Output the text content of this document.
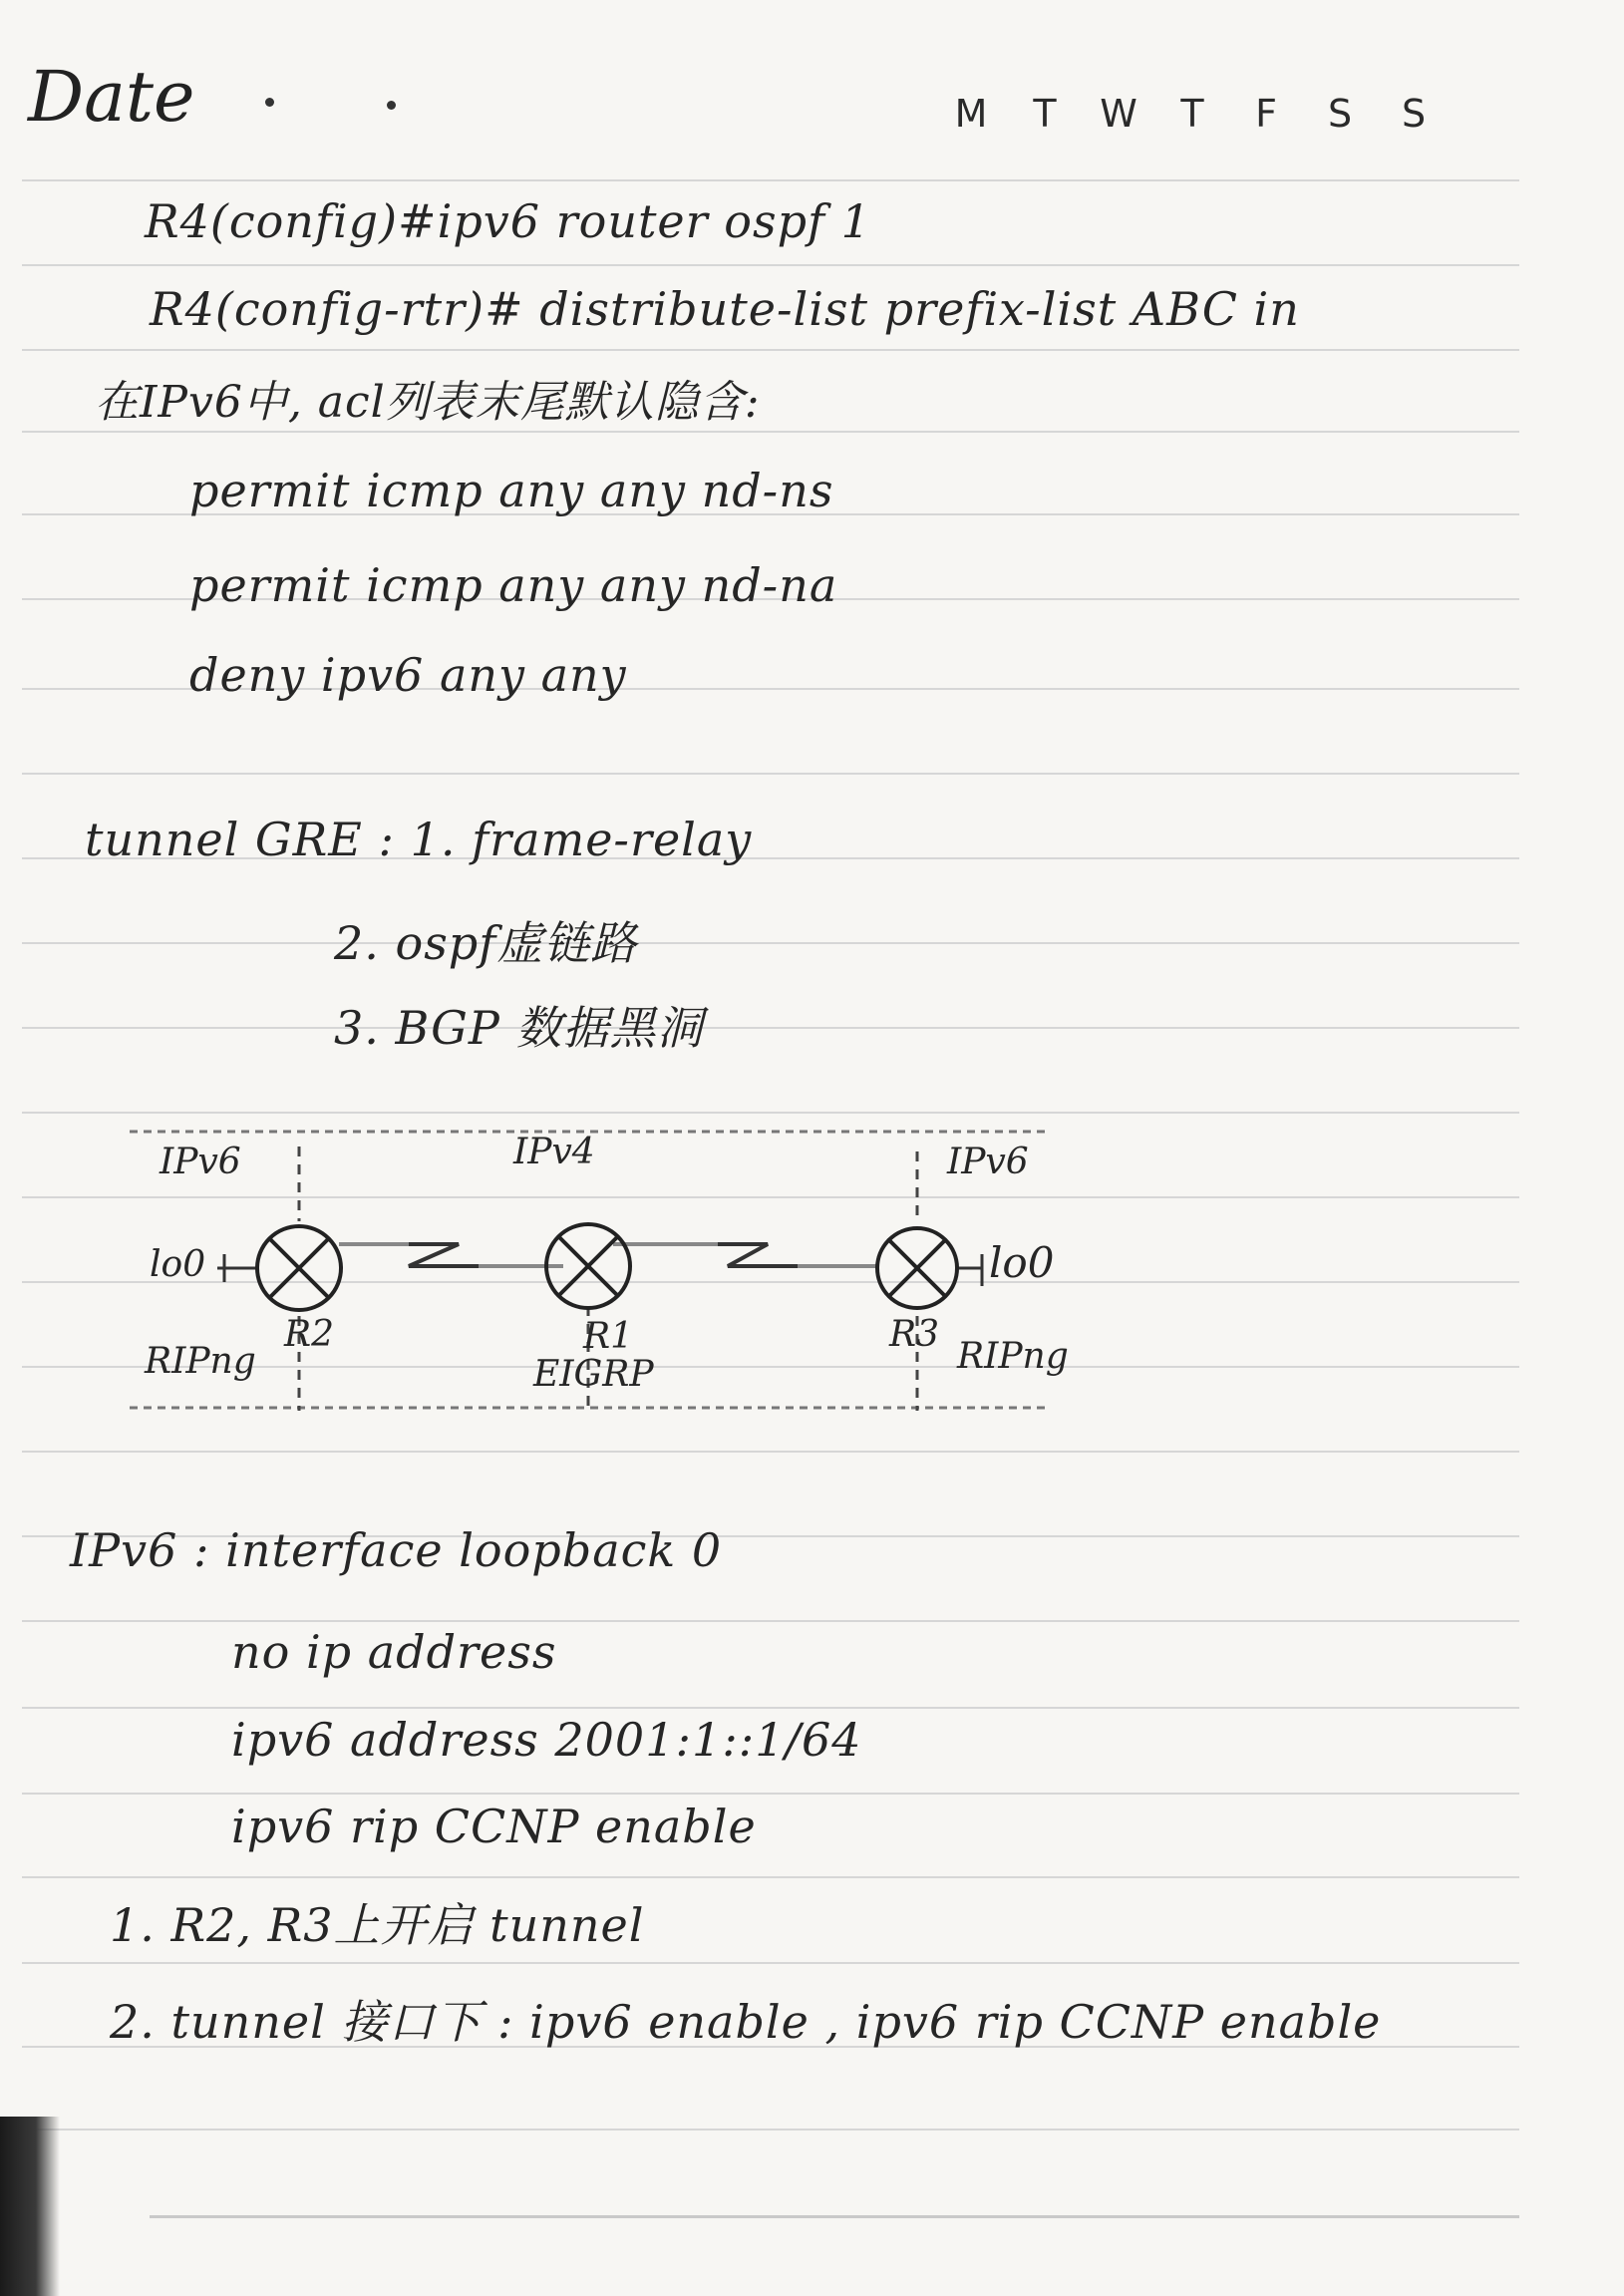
Date	M T W T F S S
R4(config)#ipv6 router ospf 1
R4(config-rtr)# distribute-list prefix-list ABC in
在IPv6中, acl列表末尾默认隐含:
permit icmp any any nd-ns
permit icmp any any nd-na
deny ipv6 any any
tunnel GRE : 1. frame-relay
2. ospf虚链路
3. BGP 数据黑洞
IPv6	IPv4	IPv6
lo0	lo0
R2	R1	R3
RIPng	EIGRP	RIPng
IPv6 : interface loopback 0
no ip address
ipv6 address 2001:1::1/64
ipv6 rip CCNP enable
1. R2, R3上开启 tunnel
2. tunnel 接口下 : ipv6 enable , ipv6 rip CCNP enable
